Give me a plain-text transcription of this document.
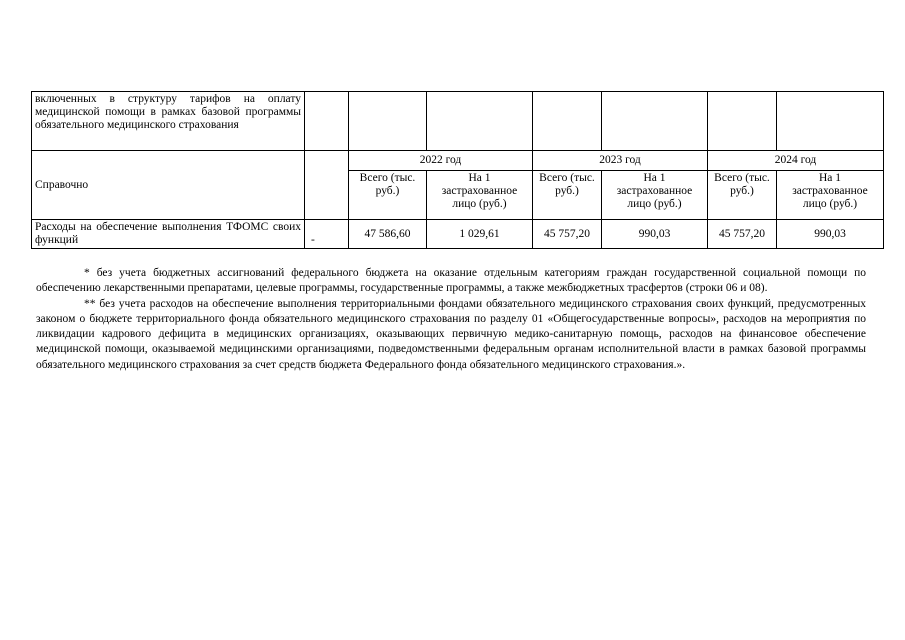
включенных в структуру тарифов на оплату медицинской помощи в рамках базовой программы обязательного медицинского страхования							
Справочно		2022 год		2023 год		2024 год	
		Всего (тыс. руб.)	На 1 застрахованное лицо (руб.)	Всего (тыс. руб.)	На 1 застрахованное лицо (руб.)	Всего (тыс. руб.)	На 1 застрахованное лицо (руб.)
Расходы на обеспечение выполнения ТФОМС своих функций	-	47 586,60	1 029,61	45 757,20	990,03	45 757,20	990,03

* без учета бюджетных ассигнований федерального бюджета на оказание отдельным категориям граждан государственной социальной помощи по обеспечению лекарственными препаратами, целевые программы, государственные программы, а также межбюджетных трасфертов (строки 06 и 08).

** без учета расходов на обеспечение выполнения территориальными фондами обязательного медицинского страхования своих функций, предусмотренных законом о бюджете территориального фонда обязательного медицинского страхования по разделу 01 «Общегосударственные вопросы», расходов на мероприятия по ликвидации кадрового дефицита в медицинских организациях, оказывающих первичную медико-санитарную помощь, расходов на финансовое обеспечение медицинской помощи, оказываемой медицинскими организациями, подведомственными федеральным органам исполнительной власти в рамках базовой программы обязательного медицинского страхования за счет средств бюджета Федерального фонда обязательного медицинского страхования.».
